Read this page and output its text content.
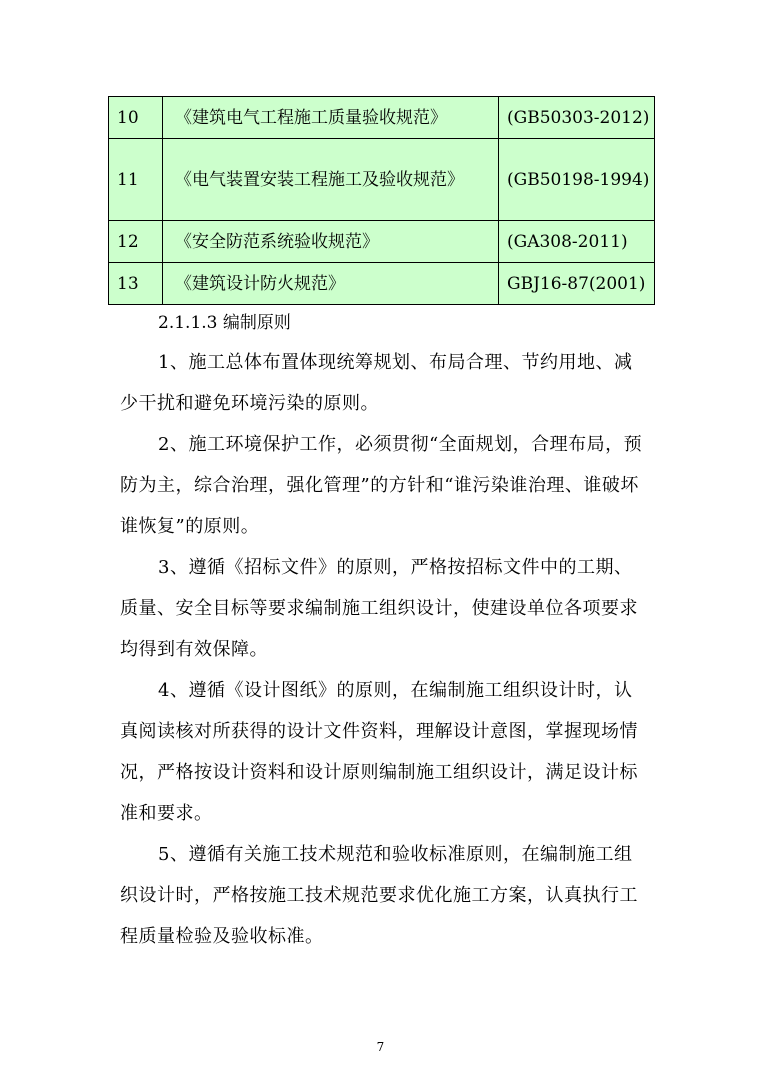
10	《建筑电气工程施工质量验收规范》	(GB50303-2012)
11	《电气装置安装工程施工及验收规范》	(GB50198-1994)
12	《安全防范系统验收规范》	(GA308-2011)
13	《建筑设计防火规范》	GBJ16-87(2001)
2.1.1.3 编制原则

1、施工总体布置体现统筹规划、布局合理、节约用地、减少干扰和避免环境污染的原则。

2、施工环境保护工作，必须贯彻“全面规划，合理布局，预防为主，综合治理，强化管理”的方针和“谁污染谁治理、谁破坏谁恢复”的原则。

3、遵循《招标文件》的原则，严格按招标文件中的工期、质量、安全目标等要求编制施工组织设计，使建设单位各项要求均得到有效保障。

4、遵循《设计图纸》的原则，在编制施工组织设计时，认真阅读核对所获得的设计文件资料，理解设计意图，掌握现场情况，严格按设计资料和设计原则编制施工组织设计，满足设计标准和要求。

5、遵循有关施工技术规范和验收标准原则，在编制施工组织设计时，严格按施工技术规范要求优化施工方案，认真执行工程质量检验及验收标准。

7
